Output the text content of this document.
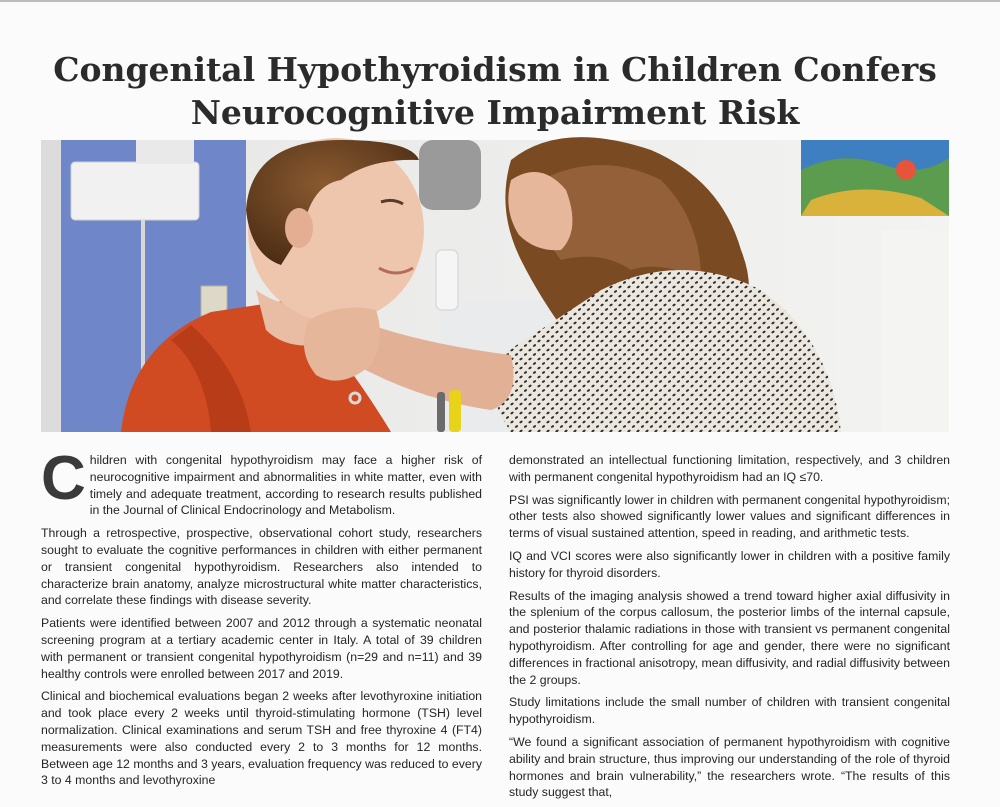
Congenital Hypothyroidism in Children Confers
Neurocognitive Impairment Risk

Children with congenital hypothyroidism may face a higher risk of neurocognitive impairment and abnormalities in white matter, even with timely and adequate treatment, according to research results published in the Journal of Clinical Endocrinology and Metabolism.

Through a retrospective, prospective, observational cohort study, researchers sought to evaluate the cognitive performances in children with either permanent or transient congenital hypothyroidism. Researchers also intended to characterize brain anatomy, analyze microstructural white matter characteristics, and correlate these findings with disease severity.

Patients were identified between 2007 and 2012 through a systematic neonatal screening program at a tertiary academic center in Italy. A total of 39 children with permanent or transient congenital hypothyroidism (n=29 and n=11) and 39 healthy controls were enrolled between 2017 and 2019.

Clinical and biochemical evaluations began 2 weeks after levothyroxine initiation and took place every 2 weeks until thyroid-stimulating hormone (TSH) level normalization. Clinical examinations and serum TSH and free thyroxine 4 (FT4) measurements were also conducted every 2 to 3 months for 12 months. Between age 12 months and 3 years, evaluation frequency was reduced to every 3 to 4 months and levothyroxine

demonstrated an intellectual functioning limitation, respectively, and 3 children with permanent congenital hypothyroidism had an IQ ≤70.

PSI was significantly lower in children with permanent congenital hypothyroidism; other tests also showed significantly lower values and significant differences in terms of visual sustained attention, speed in reading, and arithmetic tests.

IQ and VCI scores were also significantly lower in children with a positive family history for thyroid disorders.

Results of the imaging analysis showed a trend toward higher axial diffusivity in the splenium of the corpus callosum, the posterior limbs of the internal capsule, and posterior thalamic radiations in those with transient vs permanent congenital hypothyroidism. After controlling for age and gender, there were no significant differences in fractional anisotropy, mean diffusivity, and radial diffusivity between the 2 groups.

Study limitations include the small number of children with transient congenital hypothyroidism.

“We found a significant association of permanent hypothyroidism with cognitive ability and brain structure, thus improving our understanding of the role of thyroid hormones and brain vulnerability,” the researchers wrote. “The results of this study suggest that,
